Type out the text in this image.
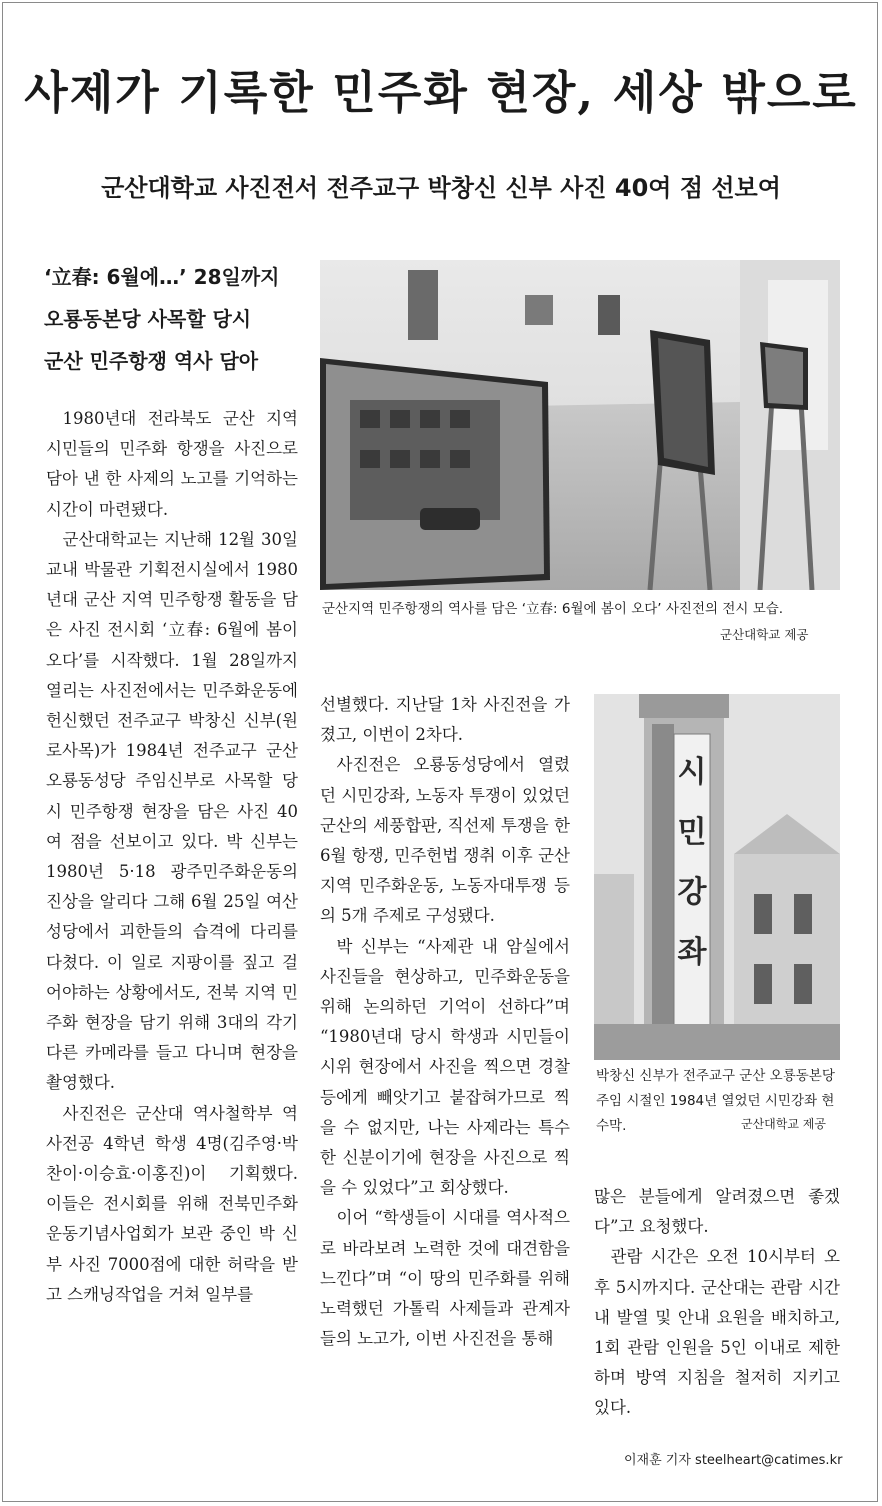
사제가 기록한 민주화 현장, 세상 밖으로
군산대학교 사진전서 전주교구 박창신 신부 사진 40여 점 선보여
‘立春: 6월에…’ 28일까지
오룡동본당 사목할 당시
군산 민주항쟁 역사 담아

1980년대 전라북도 군산 지역 시민들의 민주화 항쟁을 사진으로 담아 낸 한 사제의 노고를 기억하는 시간이 마련됐다.

군산대학교는 지난해 12월 30일 교내 박물관 기획전시실에서 1980년대 군산 지역 민주항쟁 활동을 담은 사진 전시회 ‘立春: 6월에 봄이 오다’를 시작했다. 1월 28일까지 열리는 사진전에서는 민주화운동에 헌신했던 전주교구 박창신 신부(원로사목)가 1984년 전주교구 군산 오룡동성당 주임신부로 사목할 당시 민주항쟁 현장을 담은 사진 40여 점을 선보이고 있다. 박 신부는 1980년 5·18 광주민주화운동의 진상을 알리다 그해 6월 25일 여산성당에서 괴한들의 습격에 다리를 다쳤다. 이 일로 지팡이를 짚고 걸어야하는 상황에서도, 전북 지역 민주화 현장을 담기 위해 3대의 각기 다른 카메라를 들고 다니며 현장을 촬영했다.

사진전은 군산대 역사철학부 역사전공 4학년 학생 4명(김주영·박찬이·이승효·이홍진)이 기획했다. 이들은 전시회를 위해 전북민주화운동기념사업회가 보관 중인 박 신부 사진 7000점에 대한 허락을 받고 스캐닝작업을 거쳐 일부를

선별했다. 지난달 1차 사진전을 가졌고, 이번이 2차다.

사진전은 오룡동성당에서 열렸던 시민강좌, 노동자 투쟁이 있었던 군산의 세풍합판, 직선제 투쟁을 한 6월 항쟁, 민주헌법 쟁취 이후 군산지역 민주화운동, 노동자대투쟁 등의 5개 주제로 구성됐다.

박 신부는 “사제관 내 암실에서 사진들을 현상하고, 민주화운동을 위해 논의하던 기억이 선하다”며 “1980년대 당시 학생과 시민들이 시위 현장에서 사진을 찍으면 경찰 등에게 빼앗기고 붙잡혀가므로 찍을 수 없지만, 나는 사제라는 특수한 신분이기에 현장을 사진으로 찍을 수 있었다”고 회상했다.

이어 “학생들이 시대를 역사적으로 바라보려 노력한 것에 대견함을 느낀다”며 “이 땅의 민주화를 위해 노력했던 가톨릭 사제들과 관계자들의 노고가, 이번 사진전을 통해

많은 분들에게 알려졌으면 좋겠다”고 요청했다.

관람 시간은 오전 10시부터 오후 5시까지다. 군산대는 관람 시간 내 발열 및 안내 요원을 배치하고, 1회 관람 인원을 5인 이내로 제한하며 방역 지침을 철저히 지키고 있다.

군산지역 민주항쟁의 역사를 담은 ‘立春: 6월에 봄이 오다’ 사진전의 전시 모습.

군산대학교 제공
시
민
강
좌

박창신 신부가 전주교구 군산 오룡동본당 주임 시절인 1984년 열었던 시민강좌 현수막.	군산대학교 제공
이재훈 기자 steelheart@catimes.kr
